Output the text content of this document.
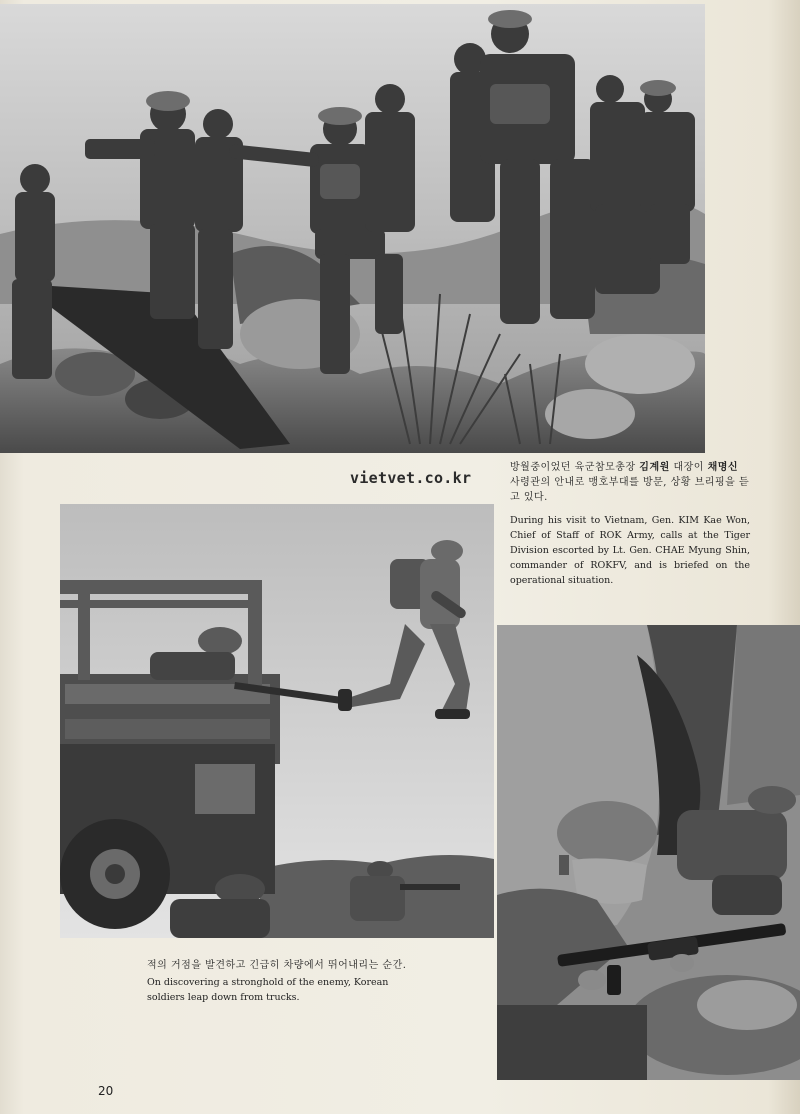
vietvet.co.kr
방월중이었던 육군참모총장 김계원 대장이 채명신 사령관의 안내로 맹호부대를 방문, 상황 브리핑을 듣고 있다.
During his visit to Vietnam, Gen. KIM Kae Won, Chief of Staff of ROK Army, calls at the Tiger Division escorted by Lt. Gen. CHAE Myung Shin, commander of ROKFV, and is briefed on the operational situation.
적의 거점을 발견하고 긴급히 차량에서 뛰어내리는 순간.
On discovering a stronghold of the enemy, Korean soldiers leap down from trucks.
20
